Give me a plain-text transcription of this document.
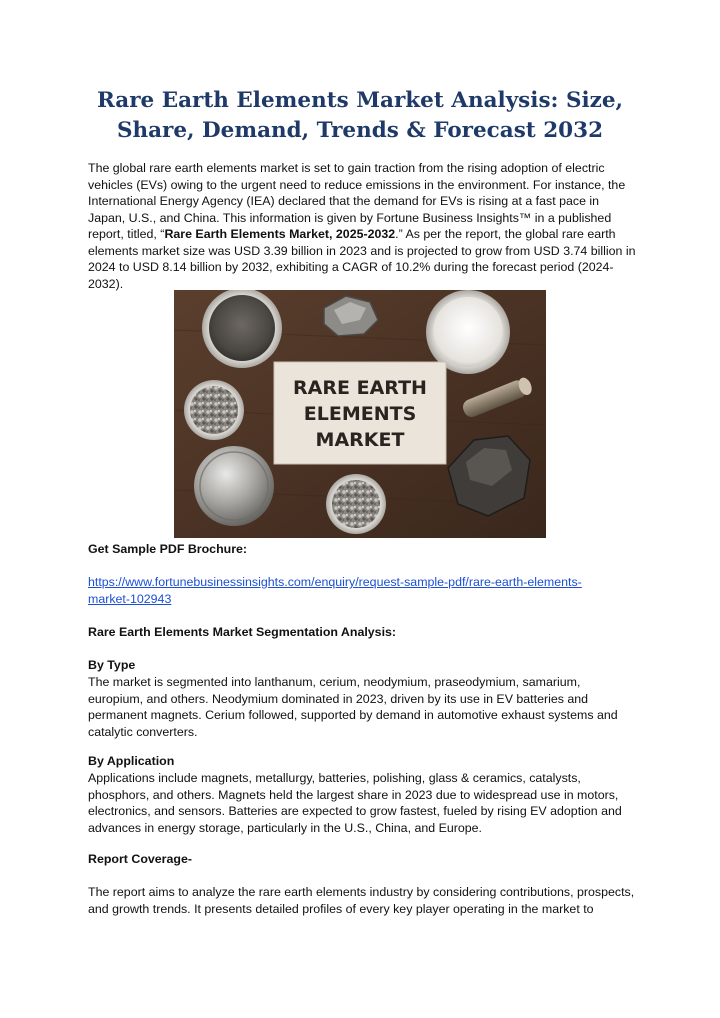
Rare Earth Elements Market Analysis: Size, Share, Demand, Trends & Forecast 2032

The global rare earth elements market is set to gain traction from the rising adoption of electric vehicles (EVs) owing to the urgent need to reduce emissions in the environment. For instance, the International Energy Agency (IEA) declared that the demand for EVs is rising at a fast pace in Japan, U.S., and China. This information is given by Fortune Business Insights™ in a published report, titled, “Rare Earth Elements Market, 2025-2032.” As per the report, the global rare earth elements market size was USD 3.39 billion in 2023 and is projected to grow from USD 3.74 billion in 2024 to USD 8.14 billion by 2032, exhibiting a CAGR of 10.2% during the forecast period (2024-2032).

RARE EARTH
ELEMENTS
MARKET

Get Sample PDF Brochure:

https://www.fortunebusinessinsights.com/enquiry/request-sample-pdf/rare-earth-elements-
market-102943

Rare Earth Elements Market Segmentation Analysis:

By Type

The market is segmented into lanthanum, cerium, neodymium, praseodymium, samarium, europium, and others. Neodymium dominated in 2023, driven by its use in EV batteries and permanent magnets. Cerium followed, supported by demand in automotive exhaust systems and catalytic converters.

By Application

Applications include magnets, metallurgy, batteries, polishing, glass & ceramics, catalysts, phosphors, and others. Magnets held the largest share in 2023 due to widespread use in motors, electronics, and sensors. Batteries are expected to grow fastest, fueled by rising EV adoption and advances in energy storage, particularly in the U.S., China, and Europe.

Report Coverage-

The report aims to analyze the rare earth elements industry by considering contributions, prospects, and growth trends. It presents detailed profiles of every key player operating in the market to
